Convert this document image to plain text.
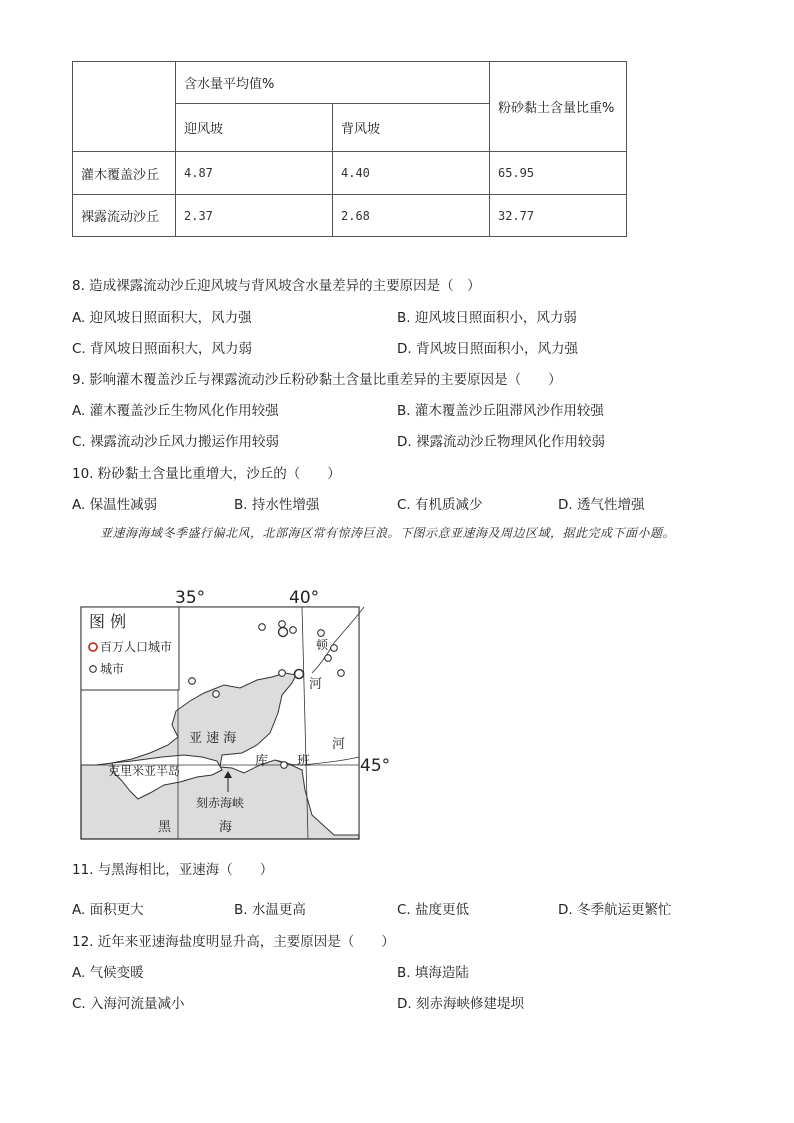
	含水量平均值%		粉砂黏土含量比重%
	迎风坡	背风坡	
灌木覆盖沙丘	4.87	4.40	65.95
裸露流动沙丘	2.37	2.68	32.77
8. 造成裸露流动沙丘迎风坡与背风坡含水量差异的主要原因是（　）
A. 迎风坡日照面积大，风力强	B. 迎风坡日照面积小，风力弱
C. 背风坡日照面积大，风力弱	D. 背风坡日照面积小，风力强
9. 影响灌木覆盖沙丘与裸露流动沙丘粉砂黏土含量比重差异的主要原因是（　　）
A. 灌木覆盖沙丘生物风化作用较强	B. 灌木覆盖沙丘阻滞风沙作用较强
C. 裸露流动沙丘风力搬运作用较弱	D. 裸露流动沙丘物理风化作用较弱
10. 粉砂黏土含量比重增大，沙丘的（　　）
A. 保温性减弱	B. 持水性增强	C. 有机质减少	D. 透气性增强
亚速海海域冬季盛行偏北风，北部海区常有惊涛巨浪。下图示意亚速海及周边区域，据此完成下面小题。
图 例
百万人口城市
城市
35°	40°
45°
亚 速 海
克里米亚半岛
刻赤海峡
黑	海
库 班
河
顿
河
11. 与黑海相比，亚速海（　　）
A. 面积更大	B. 水温更高	C. 盐度更低	D. 冬季航运更繁忙
12. 近年来亚速海盐度明显升高，主要原因是（　　）
A. 气候变暖	B. 填海造陆
C. 入海河流量减小	D. 刻赤海峡修建堤坝
